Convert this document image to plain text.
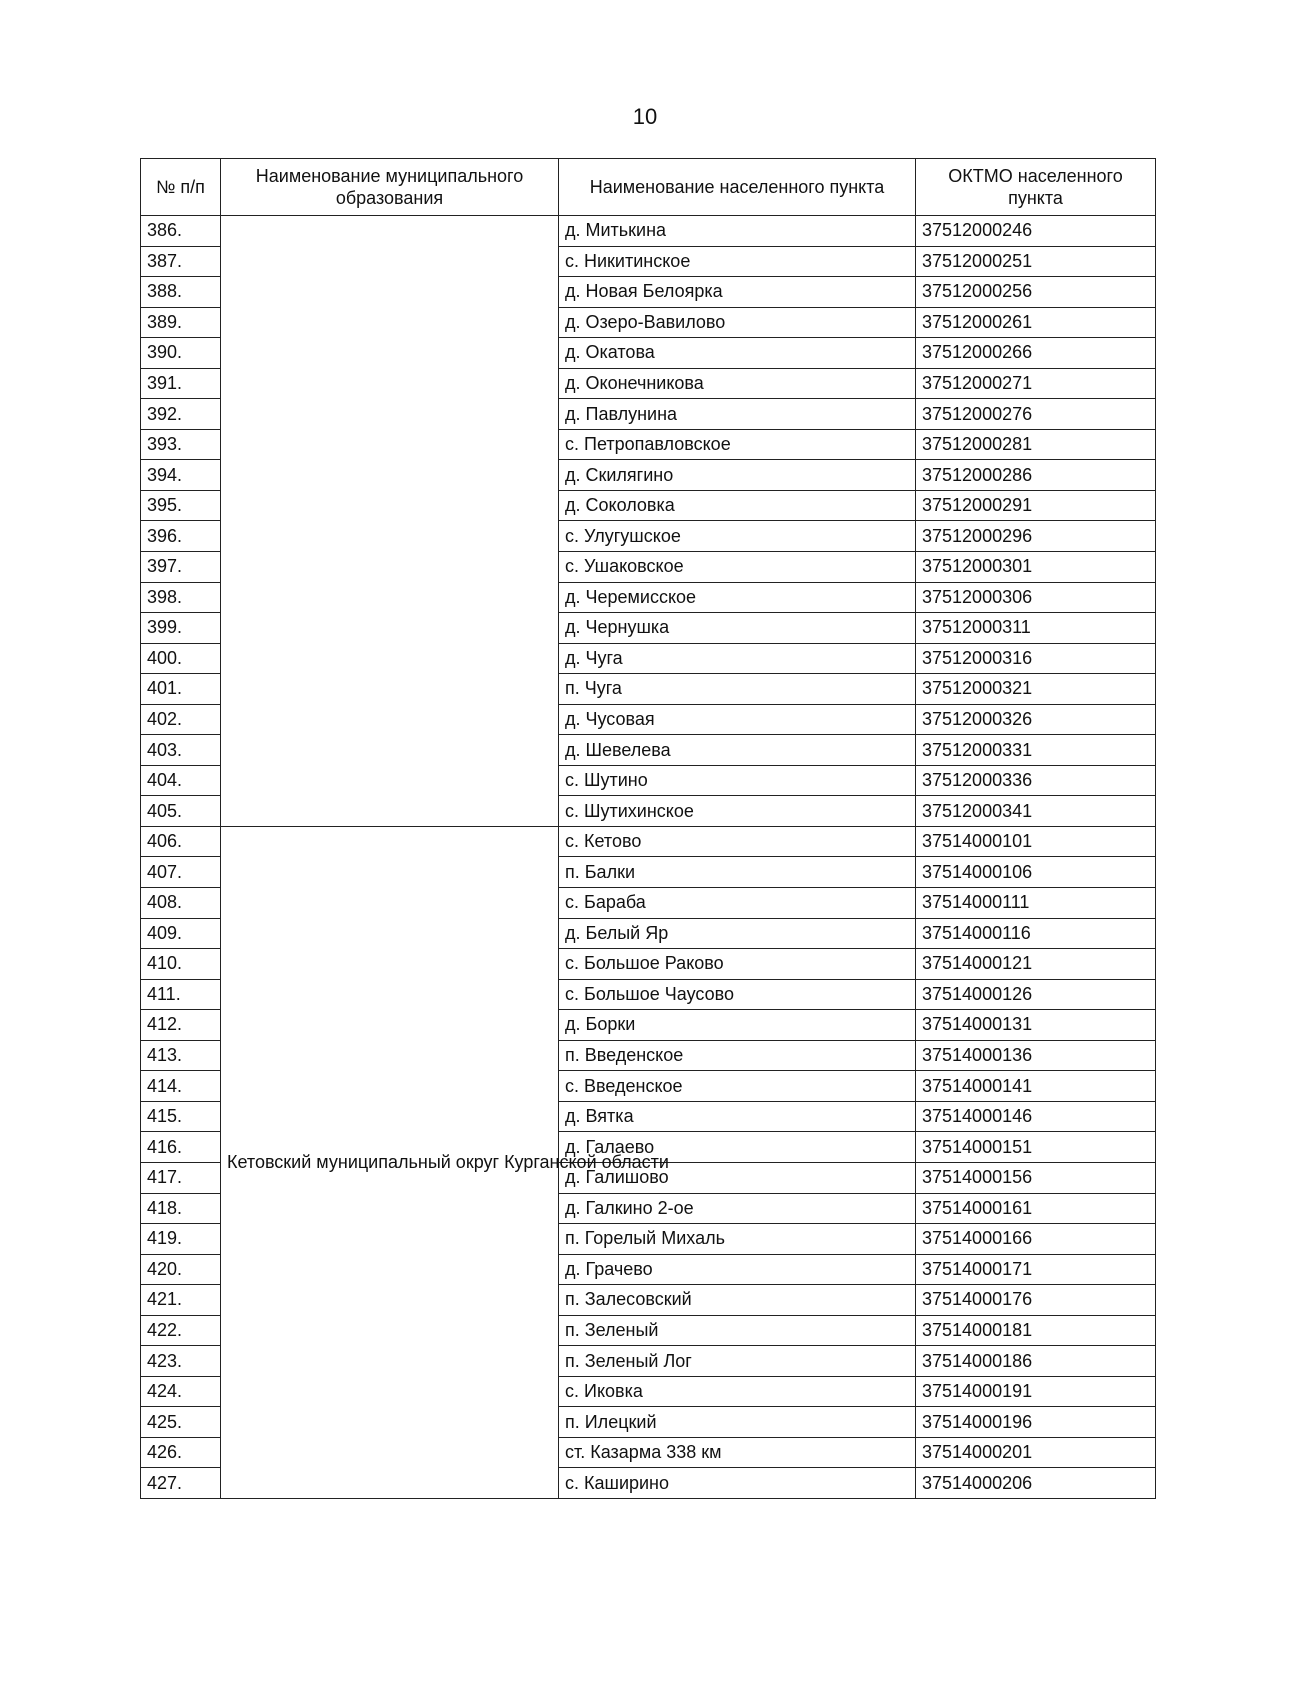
10
№ п/п	Наименование муниципального образования	Наименование населенного пункта	ОКТМО населенного пункта
386.		д. Митькина	37512000246
387.		с. Никитинское	37512000251
388.		д. Новая Белоярка	37512000256
389.		д. Озеро-Вавилово	37512000261
390.		д. Окатова	37512000266
391.		д. Оконечникова	37512000271
392.		д. Павлунина	37512000276
393.		с. Петропавловское	37512000281
394.		д. Скилягино	37512000286
395.		д. Соколовка	37512000291
396.		с. Улугушское	37512000296
397.		с. Ушаковское	37512000301
398.		д. Черемисское	37512000306
399.		д. Чернушка	37512000311
400.		д. Чуга	37512000316
401.		п. Чуга	37512000321
402.		д. Чусовая	37512000326
403.		д. Шевелева	37512000331
404.		с. Шутино	37512000336
405.		с. Шутихинское	37512000341
406.	Кетовский муниципальный округ Курганской области	с. Кетово	37514000101
407.		п. Балки	37514000106
408.		с. Бараба	37514000111
409.		д. Белый Яр	37514000116
410.		с. Большое Раково	37514000121
411.		с. Большое Чаусово	37514000126
412.		д. Борки	37514000131
413.		п. Введенское	37514000136
414.		с. Введенское	37514000141
415.		д. Вятка	37514000146
416.		д. Галаево	37514000151
417.		д. Галишово	37514000156
418.		д. Галкино 2-ое	37514000161
419.		п. Горелый Михаль	37514000166
420.		д. Грачево	37514000171
421.		п. Залесовский	37514000176
422.		п. Зеленый	37514000181
423.		п. Зеленый Лог	37514000186
424.		с. Иковка	37514000191
425.		п. Илецкий	37514000196
426.		ст. Казарма 338 км	37514000201
427.		с. Каширино	37514000206
